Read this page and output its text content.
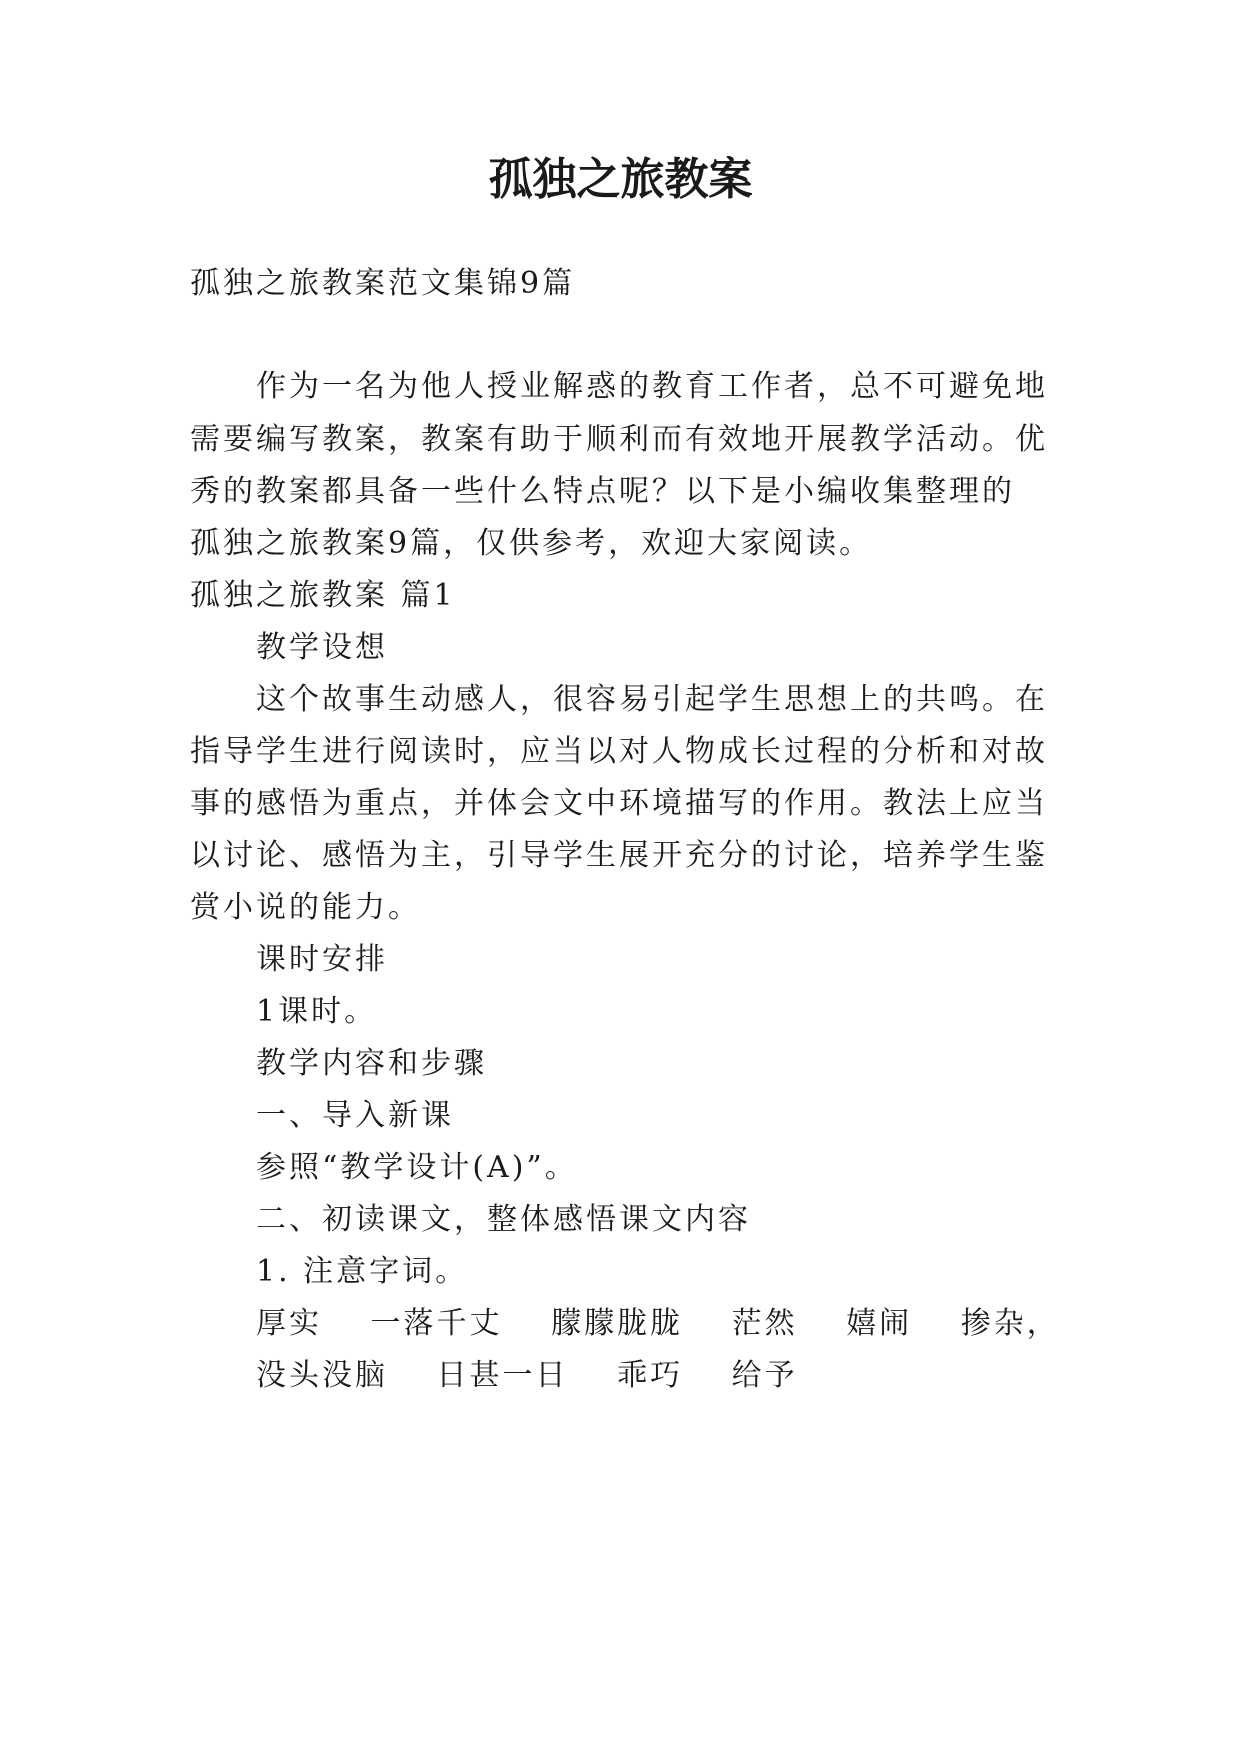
孤独之旅教案

孤独之旅教案范文集锦9篇

作为一名为他人授业解惑的教育工作者，总不可避免地

需要编写教案，教案有助于顺利而有效地开展教学活动。优

秀的教案都具备一些什么特点呢？以下是小编收集整理的

孤独之旅教案9篇，仅供参考，欢迎大家阅读。

孤独之旅教案 篇1

教学设想

这个故事生动感人，很容易引起学生思想上的共鸣。在

指导学生进行阅读时，应当以对人物成长过程的分析和对故

事的感悟为重点，并体会文中环境描写的作用。教法上应当

以讨论、感悟为主，引导学生展开充分的讨论，培养学生鉴

赏小说的能力。

课时安排

1课时。

教学内容和步骤

一、导入新课

参照“教学设计(A)”。

二、初读课文，整体感悟课文内容

1. 注意字词。

厚实 一落千丈 朦朦胧胧 茫然 嬉闹 掺杂，

没头没脑 日甚一日 乖巧 给予
